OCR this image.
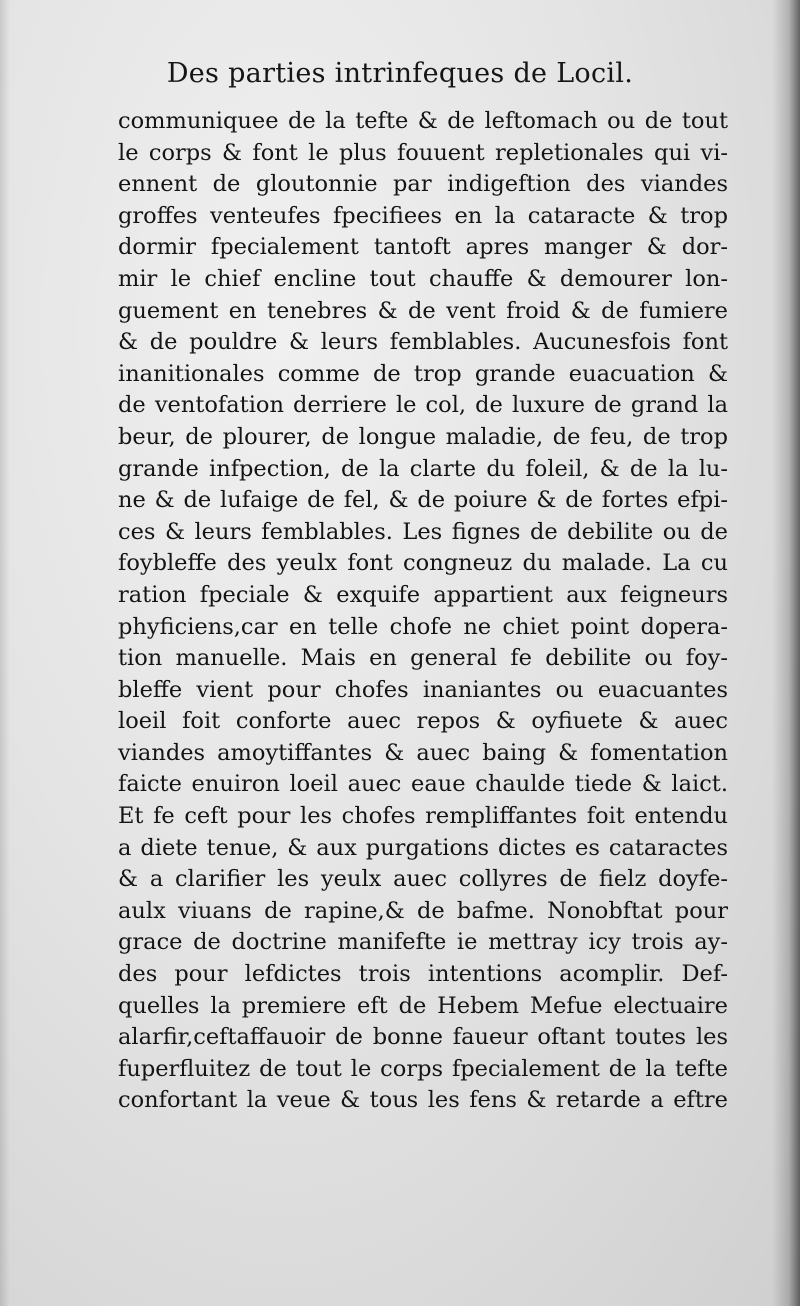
Des parties intrinfeques de Locil.
communiquee de la tefte & de leftomach ou de tout
le corps & font le plus fouuent repletionales qui vi-
ennent de gloutonnie par indigeftion des viandes
groffes venteufes fpecifiees en la cataracte & trop
dormir fpecialement tantoft apres manger & dor-
mir le chief encline tout chauffe & demourer lon-
guement en tenebres & de vent froid & de fumiere
& de pouldre & leurs femblables. Aucunesfois font
inanitionales comme de trop grande euacuation &
de ventofation derriere le col, de luxure de grand la
beur, de plourer, de longue maladie, de feu, de trop
grande infpection, de la clarte du foleil, & de la lu-
ne & de lufaige de fel, & de poiure & de fortes efpi-
ces & leurs femblables. Les fignes de debilite ou de
foybleffe des yeulx font congneuz du malade. La cu
ration fpeciale & exquife appartient aux feigneurs
phyficiens,car en telle chofe ne chiet point dopera-
tion manuelle. Mais en general fe debilite ou foy-
bleffe vient pour chofes inaniantes ou euacuantes
loeil foit conforte auec repos & oyfiuete & auec
viandes amoytiffantes & auec baing & fomentation
faicte enuiron loeil auec eaue chaulde tiede & laict.
Et fe ceft pour les chofes rempliffantes foit entendu
a diete tenue, & aux purgations dictes es cataractes
& a clarifier les yeulx auec collyres de fielz doyfe-
aulx viuans de rapine,& de bafme. Nonobftat pour
grace de doctrine manifefte ie mettray icy trois ay-
des pour lefdictes trois intentions acomplir. Def-
quelles la premiere eft de Hebem Mefue electuaire
alarfir,ceftaffauoir de bonne faueur oftant toutes les
fuperfluitez de tout le corps fpecialement de la tefte
confortant la veue & tous les fens & retarde a eftre
